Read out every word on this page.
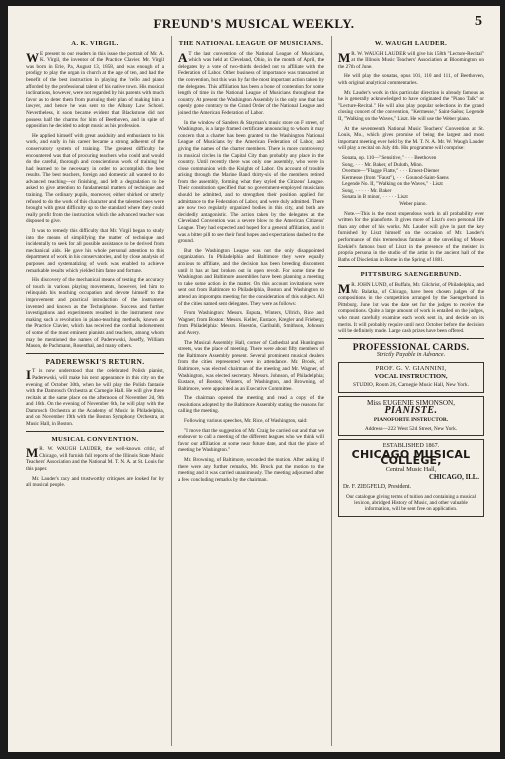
FREUND'S MUSICAL WEEKLY.	5
A. K. VIRGIL.

W E present to our readers in this issue the portrait of Mr. A. K. Virgil, the inventor of the Practice Clavier. Mr. Virgil was born in Erie, Pa, August 13, 1858, and was enough of a prodigy to play the organ in church at the age of ten, and had the benefit of the best instruction in playing the 'cello and piano afforded by the professional talent of his native town. His musical inclinations, however, were not regarded by his parents with much favor as to deter them from pursuing their plan of making him a lawyer, and hence he was sent to the Albany Law School. Nevertheless, it soon became evident that Blackstone did not possess half the charms for him of Beethoven, and in spite of opposition he decided to adopt music as his profession.

He applied himself with great assiduity and enthusiasm to his work, and early in his career became a strong adherent of the conservatory system of training. The greatest difficulty he encountered was that of procuring teachers who could and would do the careful, thorough and conscientious work of training he had learned to be necessary in order to accomplish the best results. The best teachers, foreign and domestic all wanted to do advanced teaching—or finishing, and left a degradation to be asked to give attention to fundamental matters of technique and training. The ordinary pupils, moreover, either shirked or utterly refused to do the work of this character and the talented ones were brought with great difficulty up to the standard where they could really profit from the instruction which the advanced teacher was disposed to give.

It was to remedy this difficulty that Mr. Virgil began to study into the means of simplifying the matter of technique and incidentally to seek for all possible assistance to be derived from mechanical aids. He gave his whole personal attention to this department of work in his conservatories, and by close analysis of purposes and systematizing of work was enabled to achieve remarkable results which yielded him fame and fortune.

His discovery of the mechanical means of testing the accuracy of touch in various playing movements, however, led him to relinquish his teaching occupation and devote himself to the improvement and practical introduction of the instrument invented and known as the Techniphone. Success and further investigations and experiments resulted in the instrument now making such a revolution in piano-teaching methods, known as the Practice Clavier, which has received the cordial indorsement of some of the most eminent pianists and teachers, among whom may be mentioned the names of Paderewski, Joseffy, William Mason, de Pachmann, Rosenthal, and many others.

PADEREWSKI'S RETURN.

I T is now understood that the celebrated Polish pianist, Paderewski, will make his next appearance in this city on the evening of October 30th, when he will play the Polish fantasie with the Damrosch Orchestra at Carnegie Hall. He will give three recitals at the same place on the afternoon of November 2d, 9th and 16th. On the evening of November 6th, he will play with the Damrosch Orchestra at the Academy of Music in Philadelphia, and on November 19th with the Boston Symphony Orchestra, at Music Hall, in Boston.

MUSICAL CONVENTION.

M R. W. WAUGH LAUDER, the well-known critic, of Chicago, will furnish full reports of the Illinois State Music Teachers' Association and the National M. T. N. A. at St. Louis for this paper.

Mr. Lauder's racy and trustworthy critiques are looked for by all musical people.

THE NATIONAL LEAGUE OF MUSICIANS.

A T the last convention of the National League of Musicians, which was held at Cleveland, Ohio, in the month of April, the delegates by a vote of two-thirds decided not to affiliate with the Federation of Labor. Other business of importance was transacted at the convention, but this was by far the most important action taken by the delegates. This affiliation has been a bone of contention for some length of time in the National League of Musicians throughout the country. At present the Washington Assembly is the only one that has openly gone contrary to the Grand Order of the National League and joined the American Federation of Labor.

In the window of Sanders & Stayman's music store on F street, of Washington, is a large framed certificate announcing to whom it may concern that a charter has been granted to the Washington National League of Musicians by the American Federation of Labor, and giving the names of the charter members. There is more controversy in musical circles in the Capital City than probably any place in the country. Until recently there was only one assembly, who were in close communion with the Knights of Labor. On account of trouble arising through the Marine Band thirty-six of the members retired from the assembly, forming what they styled the Citizens' League. Their constitution specified that no government-employed musicians should be admitted, and to strengthen their position applied for admittance to the Federation of Labor, and were duly admitted. There are now two regularly organized bodies in this city, and both are decidedly antagonistic. The action taken by the delegates at the Cleveland Convention was a severe blow to the American Citizens' League. They had expected and hoped for a general affiliation, and it was a bitter pill to see their fond hopes and expectations dashed to the ground.

But the Washington League was not the only disappointed organization. In Philadelphia and Baltimore they were equally anxious to affiliate, and the decision has been breeding discontent until it has at last broken out in open revolt. For some time the Washington and Baltimore assemblies have been planning a meeting to take some action in the matter. On this account invitations were sent out from Baltimore to Philadelphia, Boston and Washington to attend an impromptu meeting for the consideration of this subject. All of the cities named sent delegates. They were as follows:

From Washington: Messrs. Esputa, Winters, Ullrich, Rice and Wagner; from Boston: Messrs. Keller, Eustace, Kregler and Frieberg; from Philadelphia: Messrs. Huestón, Garibaldi, Smithson, Johnson and Avery.

The Musical Assembly Hall, corner of Cathedral and Huntington streets, was the place of meeting. There were about fifty members of the Baltimore Assembly present. Several prominent musical dealers from the cities represented were in attendance. Mr. Brook, of Baltimore, was elected chairman of the meeting and Mr. Wagner, of Washington, was elected secretary. Messrs. Johnson, of Philadelphia; Eustace, of Boston; Winters, of Washington, and Browning, of Baltimore, were appointed as an Executive Committee.

The chairman opened the meeting and read a copy of the resolutions adopted by the Baltimore Assembly stating the reasons for calling the meeting.

Following various speeches, Mr. Rice, of Washington, said:

"I move that the suggestion of Mr. Craig be carried out and that we endeavor to call a meeting of the different leagues who we think will favor our affiliation at some near future date, and that the place of meeting be Washington."

Mr. Browning, of Baltimore, seconded the motion. After asking if there were any further remarks, Mr. Brock put the motion to the meeting and it was carried unanimously. The meeting adjourned after a few concluding remarks by the chairman.

W. WAUGH LAUDER.

M R. W. WAUGH LAUDER will give his 158th "Lecture-Recital" at the Illinois Music Teachers' Association at Bloomington on the 27th of June.

He will play the sonatas, opus 101, 110 and 111, of Beethoven, with original analytical commentaries.

Mr. Lauder's work in this particular direction is already famous as he is generally acknowledged to have originated the "Piano Talk" or "Lecture-Recital." He will also play popular selections in the grand closing concert of the convention, "Kermesse," Saint-Saëns; Legende II, "Walking on the Waves," Liszt. He will use the Weber piano.

At the seventeenth National Music Teachers' Convention at St. Louis, Mo., which gives promise of being the largest and most important meeting ever held by the M. T. N. A. Mr. W. Waugh Lauder will play a recital on July 4th. His programme will comprise:

Sonata, op. 110—"Sensitive," · · · Beethoven
Song, · · · Mr. Baker, of Duluth, Minn.
Overture—"Flagge Flatte," · · · Ernest-Diemer
Kermesse (from "Faust"), · · · Gounod-Saint-Saens
Legende No. II, "Walking on the Waves," · Liszt
Song, · · · · · Mr. Baker
Sonata in B minor, · · · · · Liszt
Weber piano.

Note.—This is the most stupendous work in all probability ever written for the pianoforte. It gives more of Liszt's own personal life than any other of his works. Mr. Lauder will give in part the key furnished by Liszt himself on the occasion of Mr. Lauder's performance of this tremendous fantasie at the unveiling of Moses Ezekiel's famous bust of Liszt in the presence of the meister in propria persona in the studio of the artist in the ancient hall of the Baths of Diocletian in Rome in the Spring of 1881.

PITTSBURG SAENGERBUND.

M R. JOHN LUND, of Buffalo, Mr. Gilchrist, of Philadelphia, and Mr. Balatka, of Chicago, have been chosen judges of the compositions in the competition arranged by the Saengerbund in Pittsburg. June 1st was the date set for the judges to receive the compositions. Quite a large amount of work is entailed on the judges, who must carefully examine each work sent in, and decide on its merits. It will probably require until next October before the decision will be definitely made. Large cash prizes have been offered.

PROFESSIONAL CARDS.
Strictly Payable in Advance.
PROF. G. V. GIANNINI,
VOCAL INSTRUCTION,
STUDIO, Room 26, Carnegie Music Hall, New York.
Miss EUGENIE SIMONSON,
PIANISTE.
PIANOFORTE INSTRUCTOR.
Address—222 West 52d Street, New York.
ESTABLISHED 1867.
CHICAGO MUSICAL COLLEGE,
Central Music Hall,
CHICAGO, ILL.
Dr. F. ZIEGFELD, President.
Our catalogue giving terms of tuition and containing a musical lexicon, abridged History of Music, and other valuable information, will be sent free on application.
